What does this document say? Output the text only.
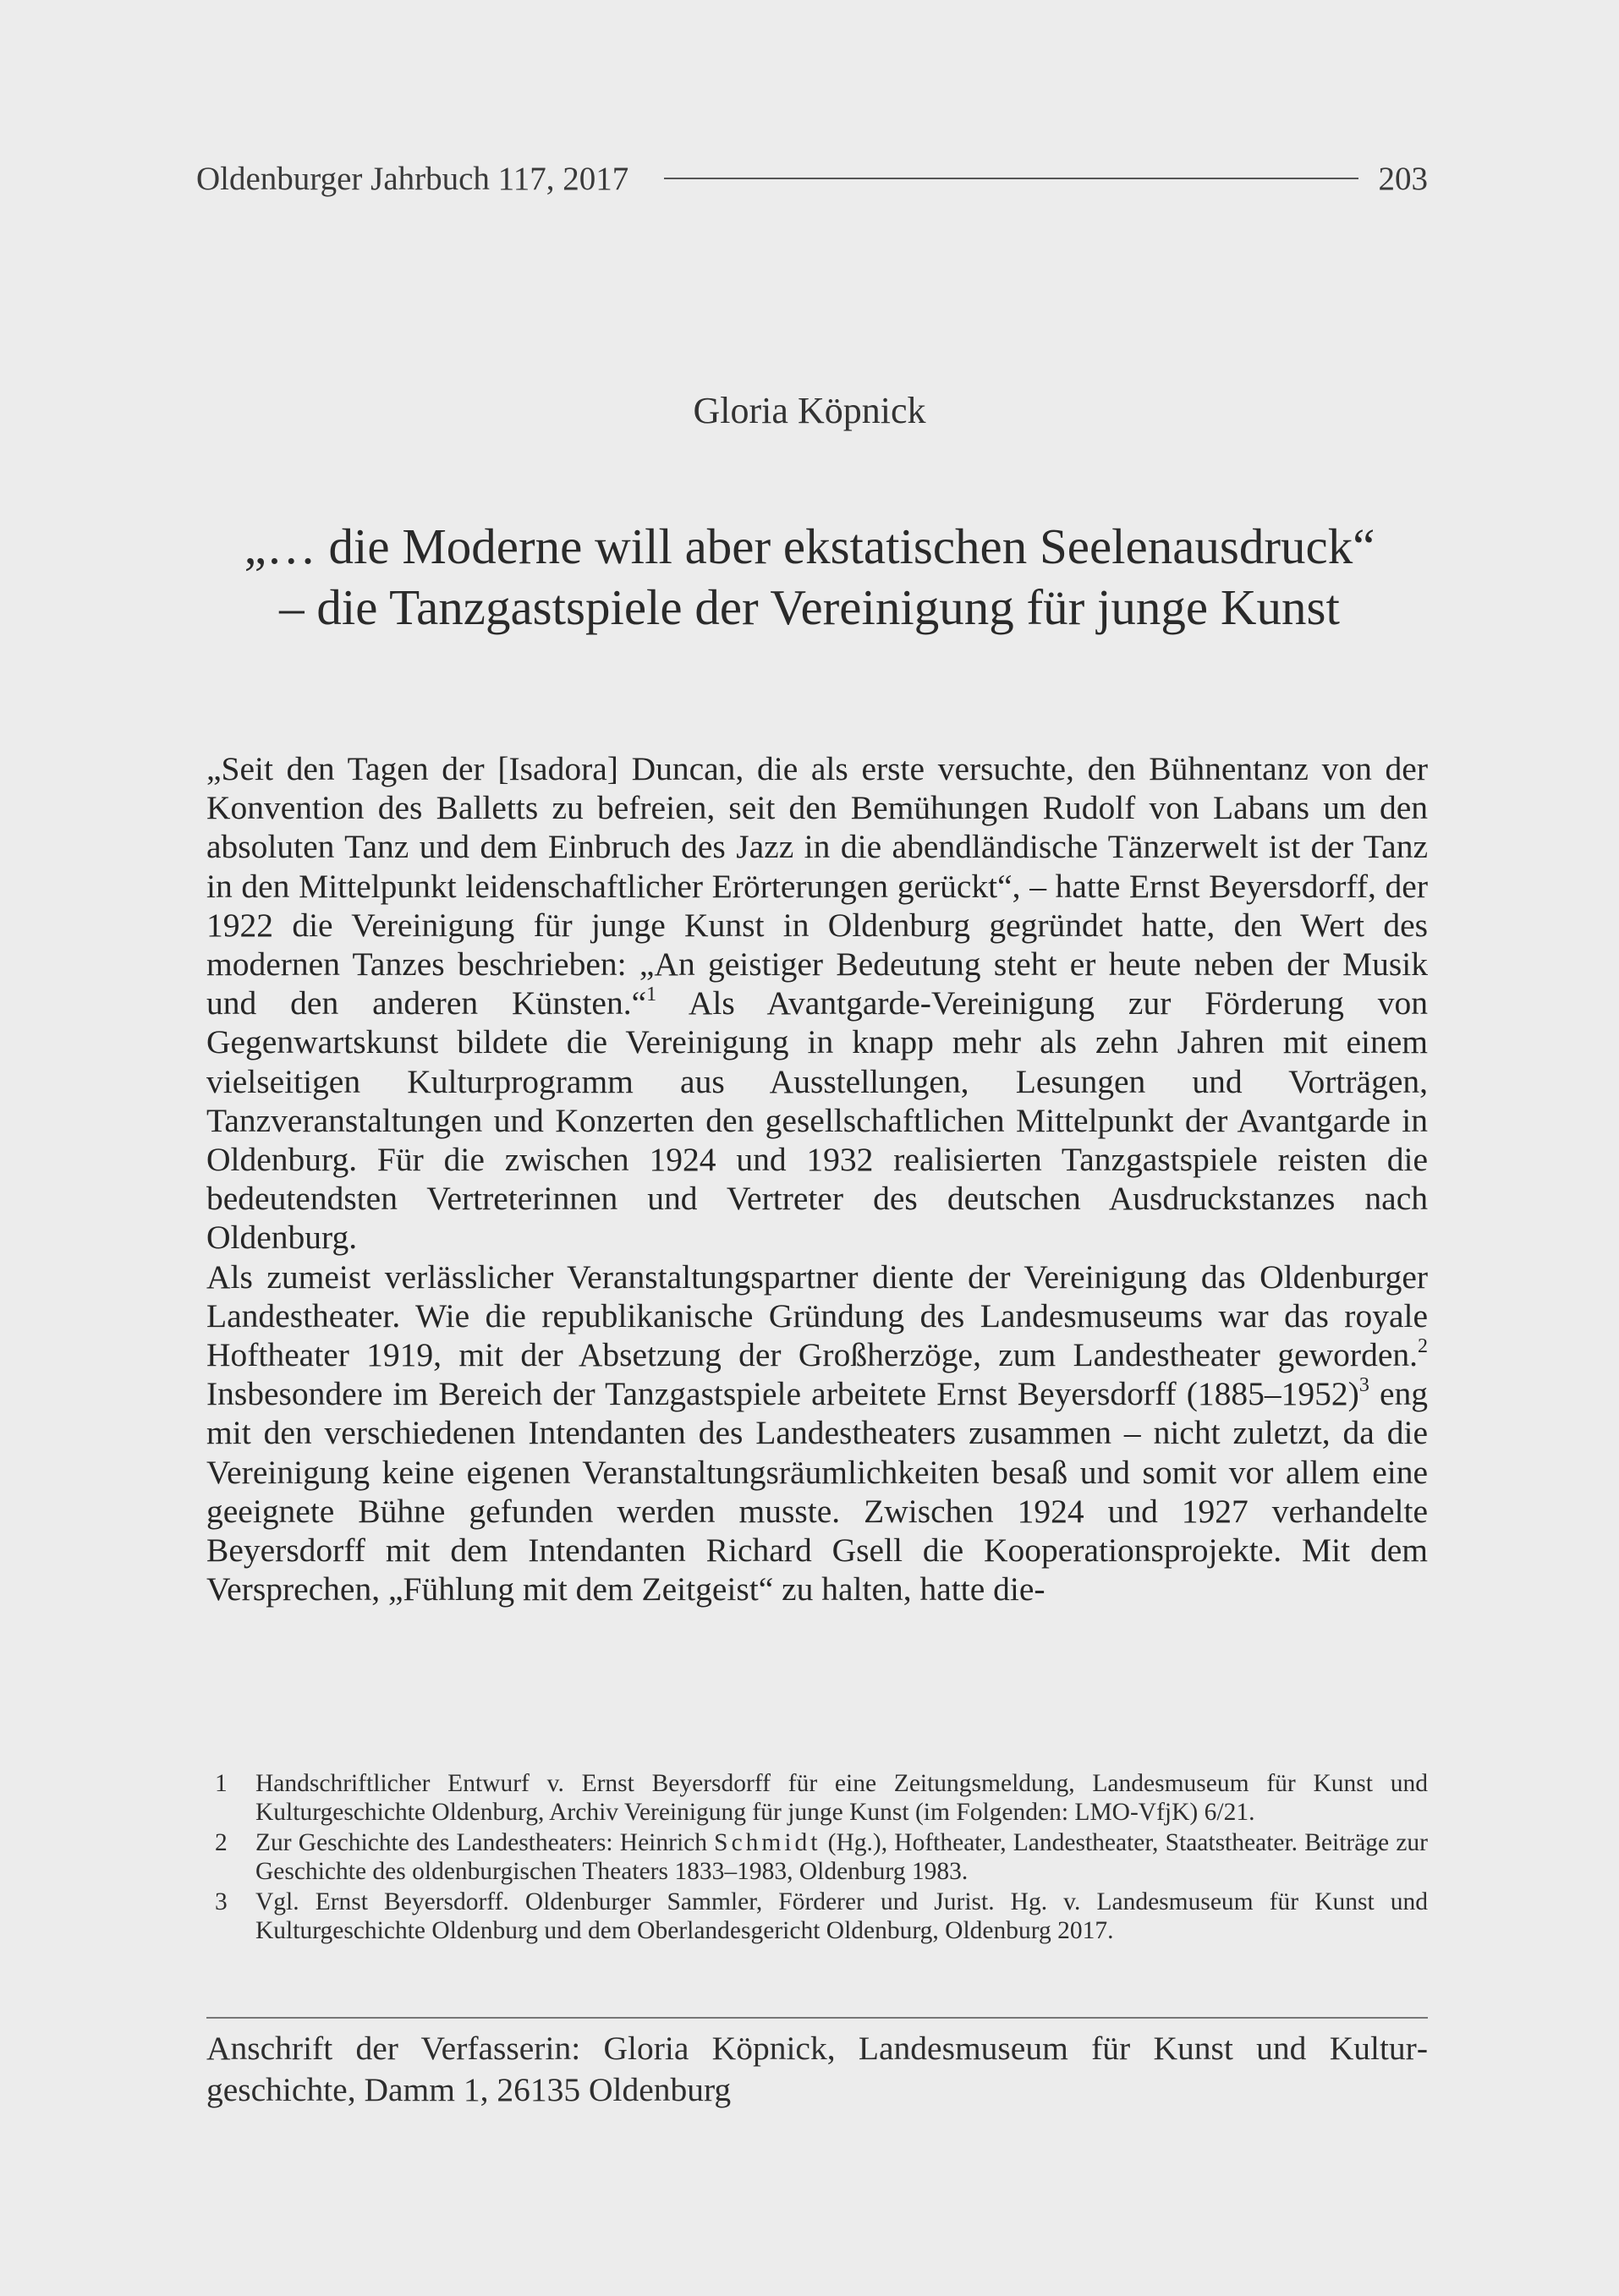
Oldenburger Jahrbuch 117, 2017	203
Gloria Köpnick
„… die Moderne will aber ekstatischen Seelenausdruck“
– die Tanzgastspiele der Vereinigung für junge Kunst

„Seit den Tagen der [Isadora] Duncan, die als erste versuchte, den Bühnentanz von der Konvention des Balletts zu befreien, seit den Bemühungen Rudolf von Labans um den absoluten Tanz und dem Einbruch des Jazz in die abendländische Tänzerwelt ist der Tanz in den Mittelpunkt leidenschaftlicher Erörterungen gerückt“, – hatte Ernst Beyersdorff, der 1922 die Vereinigung für junge Kunst in Oldenburg gegründet hatte, den Wert des modernen Tanzes beschrieben: „An geistiger Bedeutung steht er heute neben der Musik und den anderen Künsten.“$^1$ Als Avantgarde-Vereinigung zur Förderung von Gegenwartskunst bildete die Vereinigung in knapp mehr als zehn Jahren mit einem vielseitigen Kulturprogramm aus Ausstellungen, Lesungen und Vorträgen, Tanzveranstaltungen und Konzerten den gesellschaftlichen Mittelpunkt der Avantgarde in Oldenburg. Für die zwischen 1924 und 1932 realisierten Tanzgastspiele reisten die bedeutendsten Vertreterinnen und Vertreter des deutschen Ausdruckstanzes nach Oldenburg.

Als zumeist verlässlicher Veranstaltungspartner diente der Vereinigung das Oldenburger Landestheater. Wie die republikanische Gründung des Landesmuseums war das royale Hoftheater 1919, mit der Absetzung der Großherzöge, zum Landestheater geworden.$^2$ Insbesondere im Bereich der Tanzgastspiele arbeitete Ernst Beyersdorff (1885–1952)$^3$ eng mit den verschiedenen Intendanten des Landestheaters zusammen – nicht zuletzt, da die Vereinigung keine eigenen Veranstaltungsräumlichkeiten besaß und somit vor allem eine geeignete Bühne gefunden werden musste. Zwischen 1924 und 1927 verhandelte Beyersdorff mit dem Intendanten Richard Gsell die Kooperationsprojekte. Mit dem Versprechen, „Fühlung mit dem Zeitgeist“ zu halten, hatte die-

1	Handschriftlicher Entwurf v. Ernst Beyersdorff für eine Zeitungsmeldung, Landesmuseum für Kunst und Kulturgeschichte Oldenburg, Archiv Vereinigung für junge Kunst (im Folgenden: LMO-VfjK) 6/21.
2	Zur Geschichte des Landestheaters: Heinrich Schmidt (Hg.), Hoftheater, Landestheater, Staatstheater. Beiträge zur Geschichte des oldenburgischen Theaters 1833–1983, Oldenburg 1983.
3	Vgl. Ernst Beyersdorff. Oldenburger Sammler, Förderer und Jurist. Hg. v. Landesmuseum für Kunst und Kulturgeschichte Oldenburg und dem Oberlandesgericht Oldenburg, Oldenburg 2017.
Anschrift der Verfasserin: Gloria Köpnick, Landesmuseum für Kunst und Kulturgeschichte, Damm 1, 26135 Oldenburg
